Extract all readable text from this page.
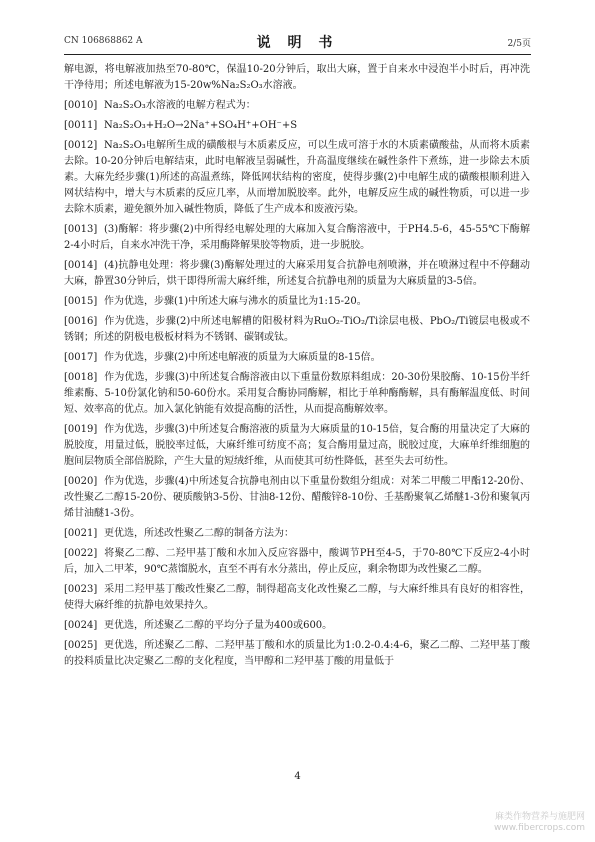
CN 106868862 A	说 明 书	2/5页

解电源，将电解液加热至70-80℃，保温10-20分钟后，取出大麻，置于自来水中浸泡半小时后，再冲洗干净待用；所述电解液为15-20w%Na₂S₂O₃水溶液。

[0010] Na₂S₂O₃水溶液的电解方程式为：

[0011] Na₂S₂O₃+H₂O→2Na⁺+SO₄H⁺+OH⁻+S

[0012] Na₂S₂O₃电解所生成的磺酸根与木质素反应，可以生成可溶于水的木质素磺酸盐，从而将木质素去除。10-20分钟后电解结束，此时电解液呈弱碱性，升高温度继续在碱性条件下煮练，进一步除去木质素。大麻先经步骤(1)所述的高温煮练，降低网状结构的密度，使得步骤(2)中电解生成的磺酸根顺利进入网状结构中，增大与木质素的反应几率，从而增加脱胶率。此外，电解反应生成的碱性物质，可以进一步去除木质素，避免额外加入碱性物质，降低了生产成本和废液污染。

[0013] (3)酶解：将步骤(2)中所得经电解处理的大麻加入复合酶溶液中，于PH4.5-6，45-55℃下酶解2-4小时后，自来水冲洗干净，采用酶降解果胶等物质，进一步脱胶。

[0014] (4)抗静电处理：将步骤(3)酶解处理过的大麻采用复合抗静电剂喷淋，并在喷淋过程中不停翻动大麻，静置30分钟后，烘干即得所需大麻纤维，所述复合抗静电剂的质量为大麻质量的3-5倍。

[0015] 作为优选，步骤(1)中所述大麻与沸水的质量比为1:15-20。

[0016] 作为优选，步骤(2)中所述电解槽的阳极材料为RuO₂-TiO₂/Ti涂层电极、PbO₂/Ti镀层电极或不锈钢；所述的阴极电极板材料为不锈钢、碳钢或钛。

[0017] 作为优选，步骤(2)中所述电解液的质量为大麻质量的8-15倍。

[0018] 作为优选，步骤(3)中所述复合酶溶液由以下重量份数原料组成：20-30份果胶酶、10-15份半纤维素酶、5-10份氯化钠和50-60份水。采用复合酶协同酶解，相比于单种酶酶解，具有酶解温度低、时间短、效率高的优点。加入氯化钠能有效提高酶的活性，从而提高酶解效率。

[0019] 作为优选，步骤(3)中所述复合酶溶液的质量为大麻质量的10-15倍，复合酶的用量决定了大麻的脱胶度，用量过低，脱胶率过低，大麻纤维可纺度不高；复合酶用量过高，脱胶过度，大麻单纤维细胞的胞间层物质全部倍脱除，产生大量的短绒纤维，从而使其可纺性降低，甚至失去可纺性。

[0020] 作为优选，步骤(4)中所述复合抗静电剂由以下重量份数组分组成：对苯二甲酸二甲酯12-20份、改性聚乙二醇15-20份、硬质酸钠3-5份、甘油8-12份、醋酸锌8-10份、壬基酚聚氧乙烯醚1-3份和聚氧丙烯甘油醚1-3份。

[0021] 更优选，所述改性聚乙二醇的制备方法为：

[0022] 将聚乙二醇、二羟甲基丁酸和水加入反应容器中，酸调节PH至4-5，于70-80℃下反应2-4小时后，加入二甲苯，90℃蒸馏脱水，直至不再有水分蒸出，停止反应，剩余物即为改性聚乙二醇。

[0023] 采用二羟甲基丁酸改性聚乙二醇，制得超高支化改性聚乙二醇，与大麻纤维具有良好的相容性，使得大麻纤维的抗静电效果持久。

[0024] 更优选，所述聚乙二醇的平均分子量为400或600。

[0025] 更优选，所述聚乙二醇、二羟甲基丁酸和水的质量比为1:0.2-0.4:4-6，聚乙二醇、二羟甲基丁酸的投料质量比决定聚乙二醇的支化程度，当甲醇和二羟甲基丁酸的用量低于

4
麻类作物营养与施肥网
www.fibercrops.com
